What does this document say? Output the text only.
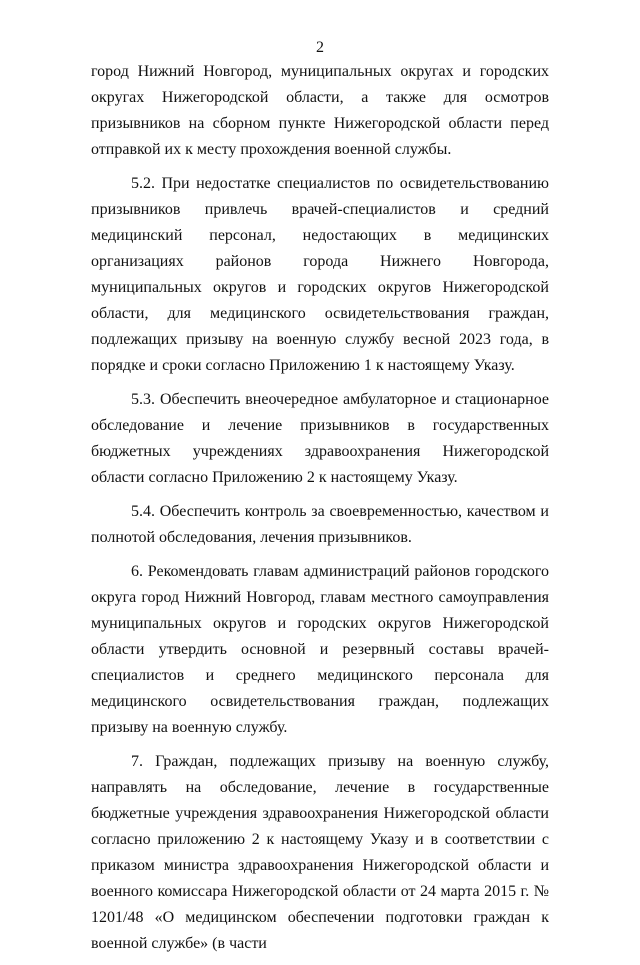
2

город Нижний Новгород, муниципальных округах и городских округах Нижегородской области, а также для осмотров призывников на сборном пункте Нижегородской области перед отправкой их к месту прохождения военной службы.

5.2. При недостатке специалистов по освидетельствованию призывников привлечь врачей-специалистов и средний медицинский персонал, недостающих в медицинских организациях районов города Нижнего Новгорода, муниципальных округов и городских округов Нижегородской области, для медицинского освидетельствования граждан, подлежащих призыву на военную службу весной 2023 года, в порядке и сроки согласно Приложению 1 к настоящему Указу.

5.3. Обеспечить внеочередное амбулаторное и стационарное обследование и лечение призывников в государственных бюджетных учреждениях здравоохранения Нижегородской области согласно Приложению 2 к настоящему Указу.

5.4. Обеспечить контроль за своевременностью, качеством и полнотой обследования, лечения призывников.

6. Рекомендовать главам администраций районов городского округа город Нижний Новгород, главам местного самоуправления муниципальных округов и городских округов Нижегородской области утвердить основной и резервный составы врачей-специалистов и среднего медицинского персонала для медицинского освидетельствования граждан, подлежащих призыву на военную службу.

7. Граждан, подлежащих призыву на военную службу, направлять на обследование, лечение в государственные бюджетные учреждения здравоохранения Нижегородской области согласно приложению 2 к настоящему Указу и в соответствии с приказом министра здравоохранения Нижегородской области и военного комиссара Нижегородской области от 24 марта 2015 г. № 1201/48 «О медицинском обеспечении подготовки граждан к военной службе» (в части
